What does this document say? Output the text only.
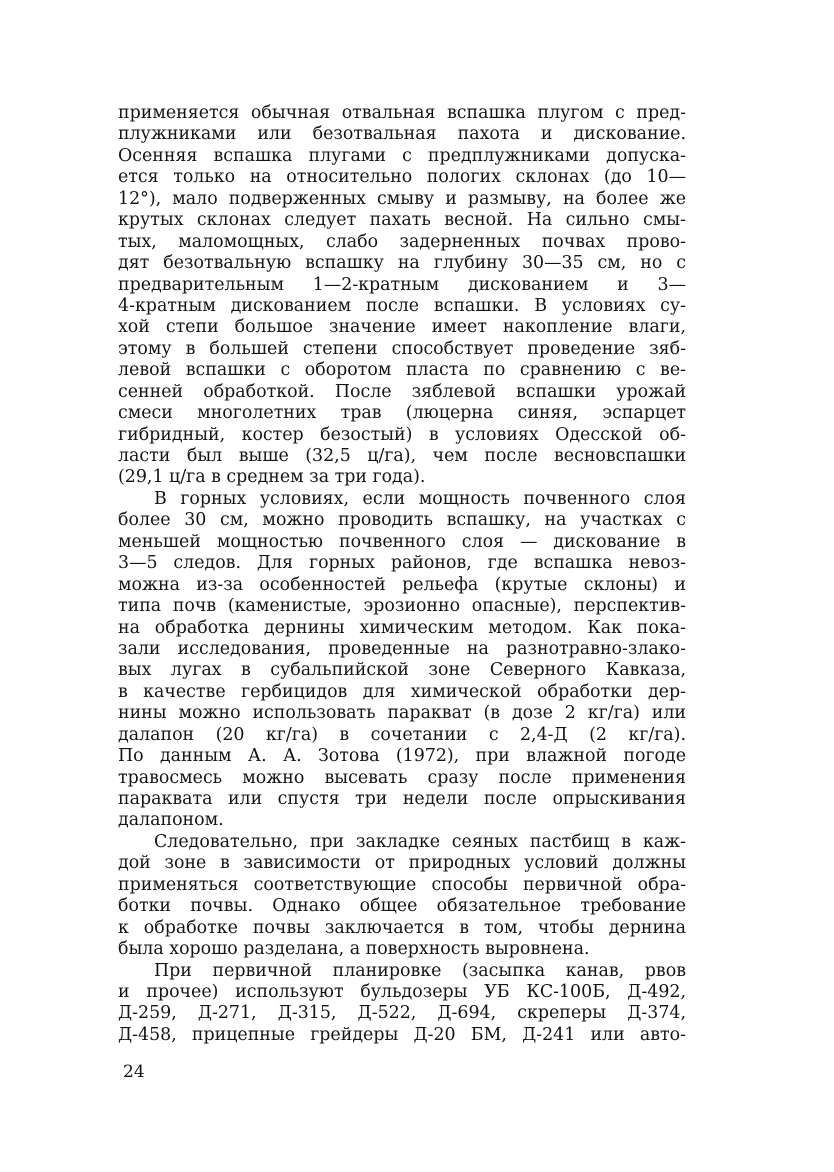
применяется обычная отвальная вспашка плугом с пред-
плужниками или безотвальная пахота и дискование.
Осенняя вспашка плугами с предплужниками допуска-
ется только на относительно пологих склонах (до 10—
12°), мало подверженных смыву и размыву, на более же
крутых склонах следует пахать весной. На сильно смы-
тых, маломощных, слабо задерненных почвах прово-
дят безотвальную вспашку на глубину 30—35 см, но с
предварительным 1—2-кратным дискованием и 3—
4-кратным дискованием после вспашки. В условиях су-
хой степи большое значение имеет накопление влаги,
этому в большей степени способствует проведение зяб-
левой вспашки с оборотом пласта по сравнению с ве-
сенней обработкой. После зяблевой вспашки урожай
смеси многолетних трав (люцерна синяя, эспарцет
гибридный, костер безостый) в условиях Одесской об-
ласти был выше (32,5 ц/га), чем после весновспашки
(29,1 ц/га в среднем за три года).
В горных условиях, если мощность почвенного слоя
более 30 см, можно проводить вспашку, на участках с
меньшей мощностью почвенного слоя — дискование в
3—5 следов. Для горных районов, где вспашка невоз-
можна из-за особенностей рельефа (крутые склоны) и
типа почв (каменистые, эрозионно опасные), перспектив-
на обработка дернины химическим методом. Как пока-
зали исследования, проведенные на разнотравно-злако-
вых лугах в субальпийской зоне Северного Кавказа,
в качестве гербицидов для химической обработки дер-
нины можно использовать паракват (в дозе 2 кг/га) или
далапон (20 кг/га) в сочетании с 2,4-Д (2 кг/га).
По данным А. А. Зотова (1972), при влажной погоде
травосмесь можно высевать сразу после применения
параквата или спустя три недели после опрыскивания
далапоном.
Следовательно, при закладке сеяных пастбищ в каж-
дой зоне в зависимости от природных условий должны
применяться соответствующие способы первичной обра-
ботки почвы. Однако общее обязательное требование
к обработке почвы заключается в том, чтобы дернина
была хорошо разделана, а поверхность выровнена.
При первичной планировке (засыпка канав, рвов
и прочее) используют бульдозеры УБ КС-100Б, Д-492,
Д-259, Д-271, Д-315, Д-522, Д-694, скреперы Д-374,
Д-458, прицепные грейдеры Д-20 БМ, Д-241 или авто-
24
